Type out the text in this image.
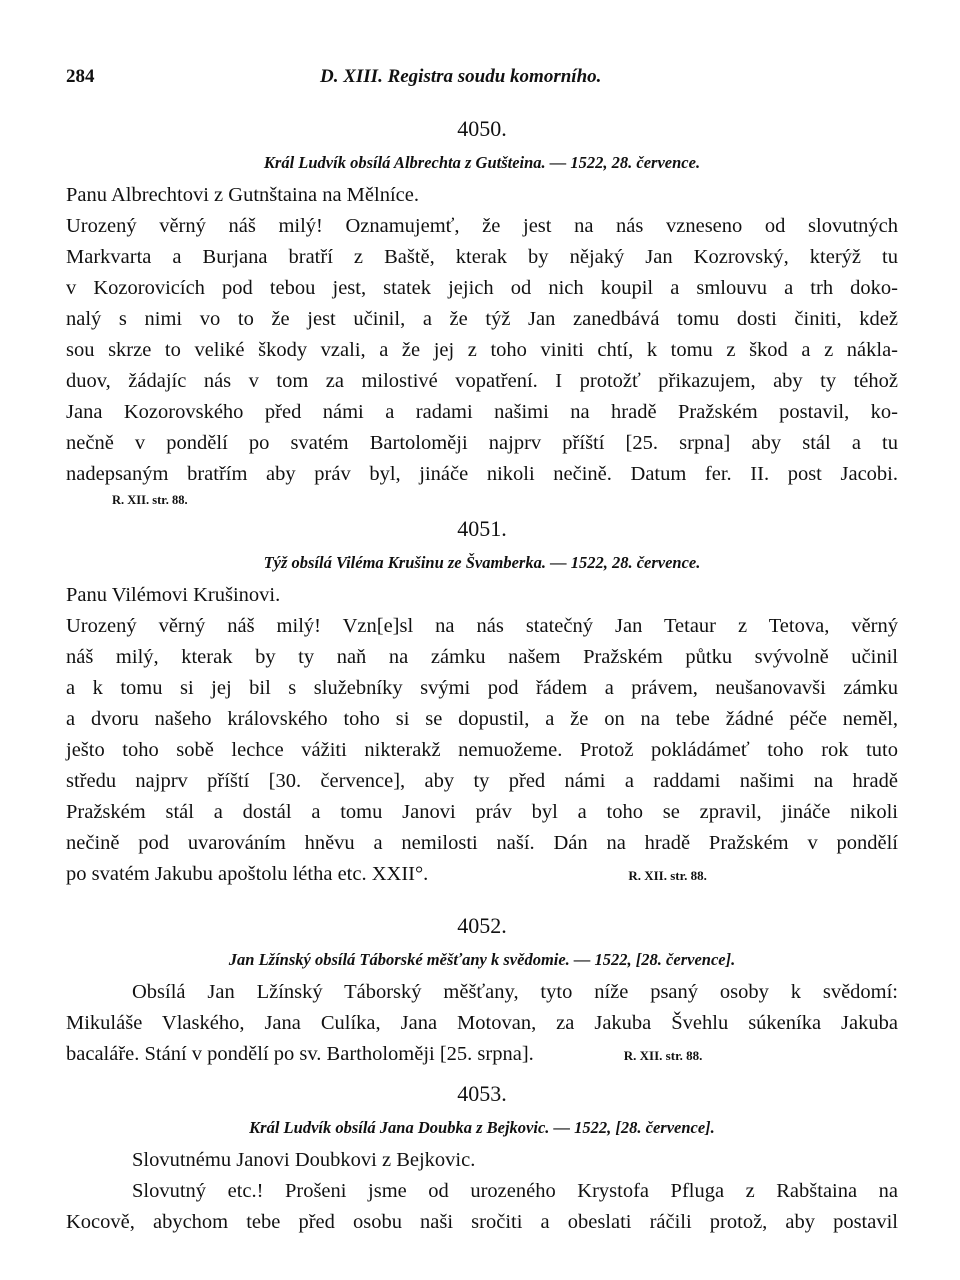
284	D. XIII. Registra soudu komorního.

4050.

Král Ludvík obsílá Albrechta z Gutšteina. — 1522, 28. července.

Panu Albrechtovi z Gutnštaina na Mělníce.

Urozený věrný náš milý! Oznamujemť, že jest na nás vzneseno od slovutných

Markvarta a Burjana bratří z Baště, kterak by nějaký Jan Kozrovský, kterýž tu

v Kozorovicích pod tebou jest, statek jejich od nich koupil a smlouvu a trh doko-

nalý s nimi vo to že jest učinil, a že týž Jan zanedbává tomu dosti činiti, kdež

sou skrze to veliké škody vzali, a že jej z toho viniti chtí, k tomu z škod a z nákla-

duov, žádajíc nás v tom za milostivé vopatření. I protožť přikazujem, aby ty téhož

Jana Kozorovského před námi a radami našimi na hradě Pražském postavil, ko-

nečně v pondělí po svatém Bartoloměji najprv příští [25. srpna] aby stál a tu

nadepsaným bratřím aby práv byl, jináče nikoli nečině. Datum fer. II. post Jacobi.

R. XII. str. 88.

4051.

Týž obsílá Viléma Krušinu ze Švamberka. — 1522, 28. července.

Panu Vilémovi Krušinovi.

Urozený věrný náš milý! Vzn[e]sl na nás statečný Jan Tetaur z Tetova, věrný

náš milý, kterak by ty naň na zámku našem Pražském půtku svývolně učinil

a k tomu si jej bil s služebníky svými pod řádem a právem, neušanovavši zámku

a dvoru našeho královského toho si se dopustil, a že on na tebe žádné péče neměl,

ješto toho sobě lechce vážiti nikterakž nemuožeme. Protož pokládámeť toho rok tuto

středu najprv příští [30. července], aby ty před námi a raddami našimi na hradě

Pražském stál a dostál a tomu Janovi práv byl a toho se zpravil, jináče nikoli

nečině pod uvarováním hněvu a nemilosti naší. Dán na hradě Pražském v pondělí

po svatém Jakubu apoštolu létha etc. XXII°.	R. XII. str. 88.

4052.

Jan Lžínský obsílá Táborské měšťany k svědomie. — 1522, [28. července].

Obsílá Jan Lžínský Táborský měšťany, tyto níže psaný osoby k svědomí:

Mikuláše Vlaského, Jana Culíka, Jana Motovan, za Jakuba Švehlu súkeníka Jakuba

bacaláře. Stání v pondělí po sv. Bartholoměji [25. srpna].	R. XII. str. 88.

4053.

Král Ludvík obsílá Jana Doubka z Bejkovic. — 1522, [28. července].

Slovutnému Janovi Doubkovi z Bejkovic.

Slovutný etc.! Prošeni jsme od urozeného Krystofa Pfluga z Rabštaina na

Kocově, abychom tebe před osobu naši sročiti a obeslati ráčili protož, aby postavil
